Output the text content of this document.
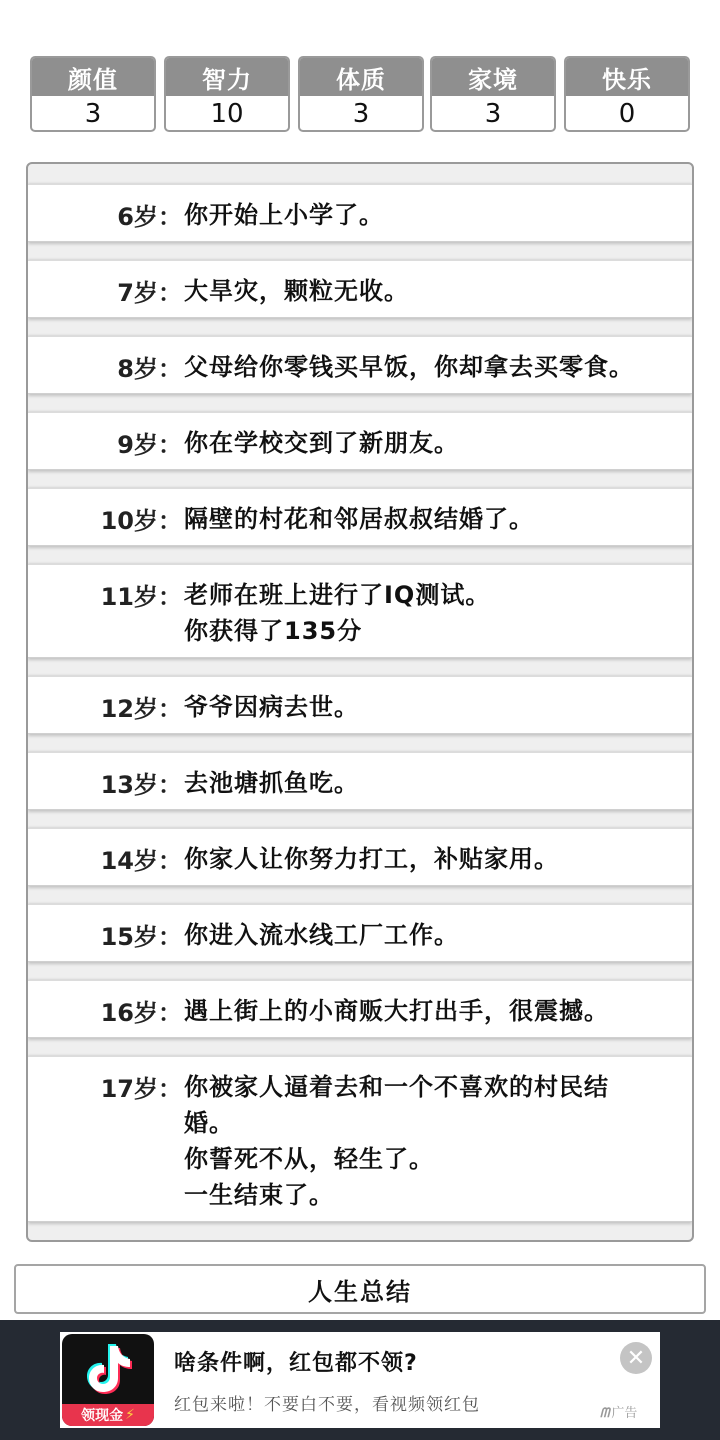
颜值
3
智力
10
体质
3
家境
3
快乐
0
6岁 ： 你开始上小学了。
7岁 ： 大旱灾，颗粒无收。
8岁 ： 父母给你零钱买早饭，你却拿去买零食。
9岁 ： 你在学校交到了新朋友。
10岁 ： 隔壁的村花和邻居叔叔结婚了。
11岁 ： 老师在班上进行了IQ测试。
你获得了135分
12岁 ： 爷爷因病去世。
13岁 ： 去池塘抓鱼吃。
14岁 ： 你家人让你努力打工，补贴家用。
15岁 ： 你进入流水线工厂工作。
16岁 ： 遇上街上的小商贩大打出手，很震撼。
17岁 ： 你被家人逼着去和一个不喜欢的村民结
婚。
你誓死不从，轻生了。
一生结束了。
人生总结
领现金 ⚡
啥条件啊，红包都不领?
红包来啦！不要白不要，看视频领红包
✕
ᗰ 广告
